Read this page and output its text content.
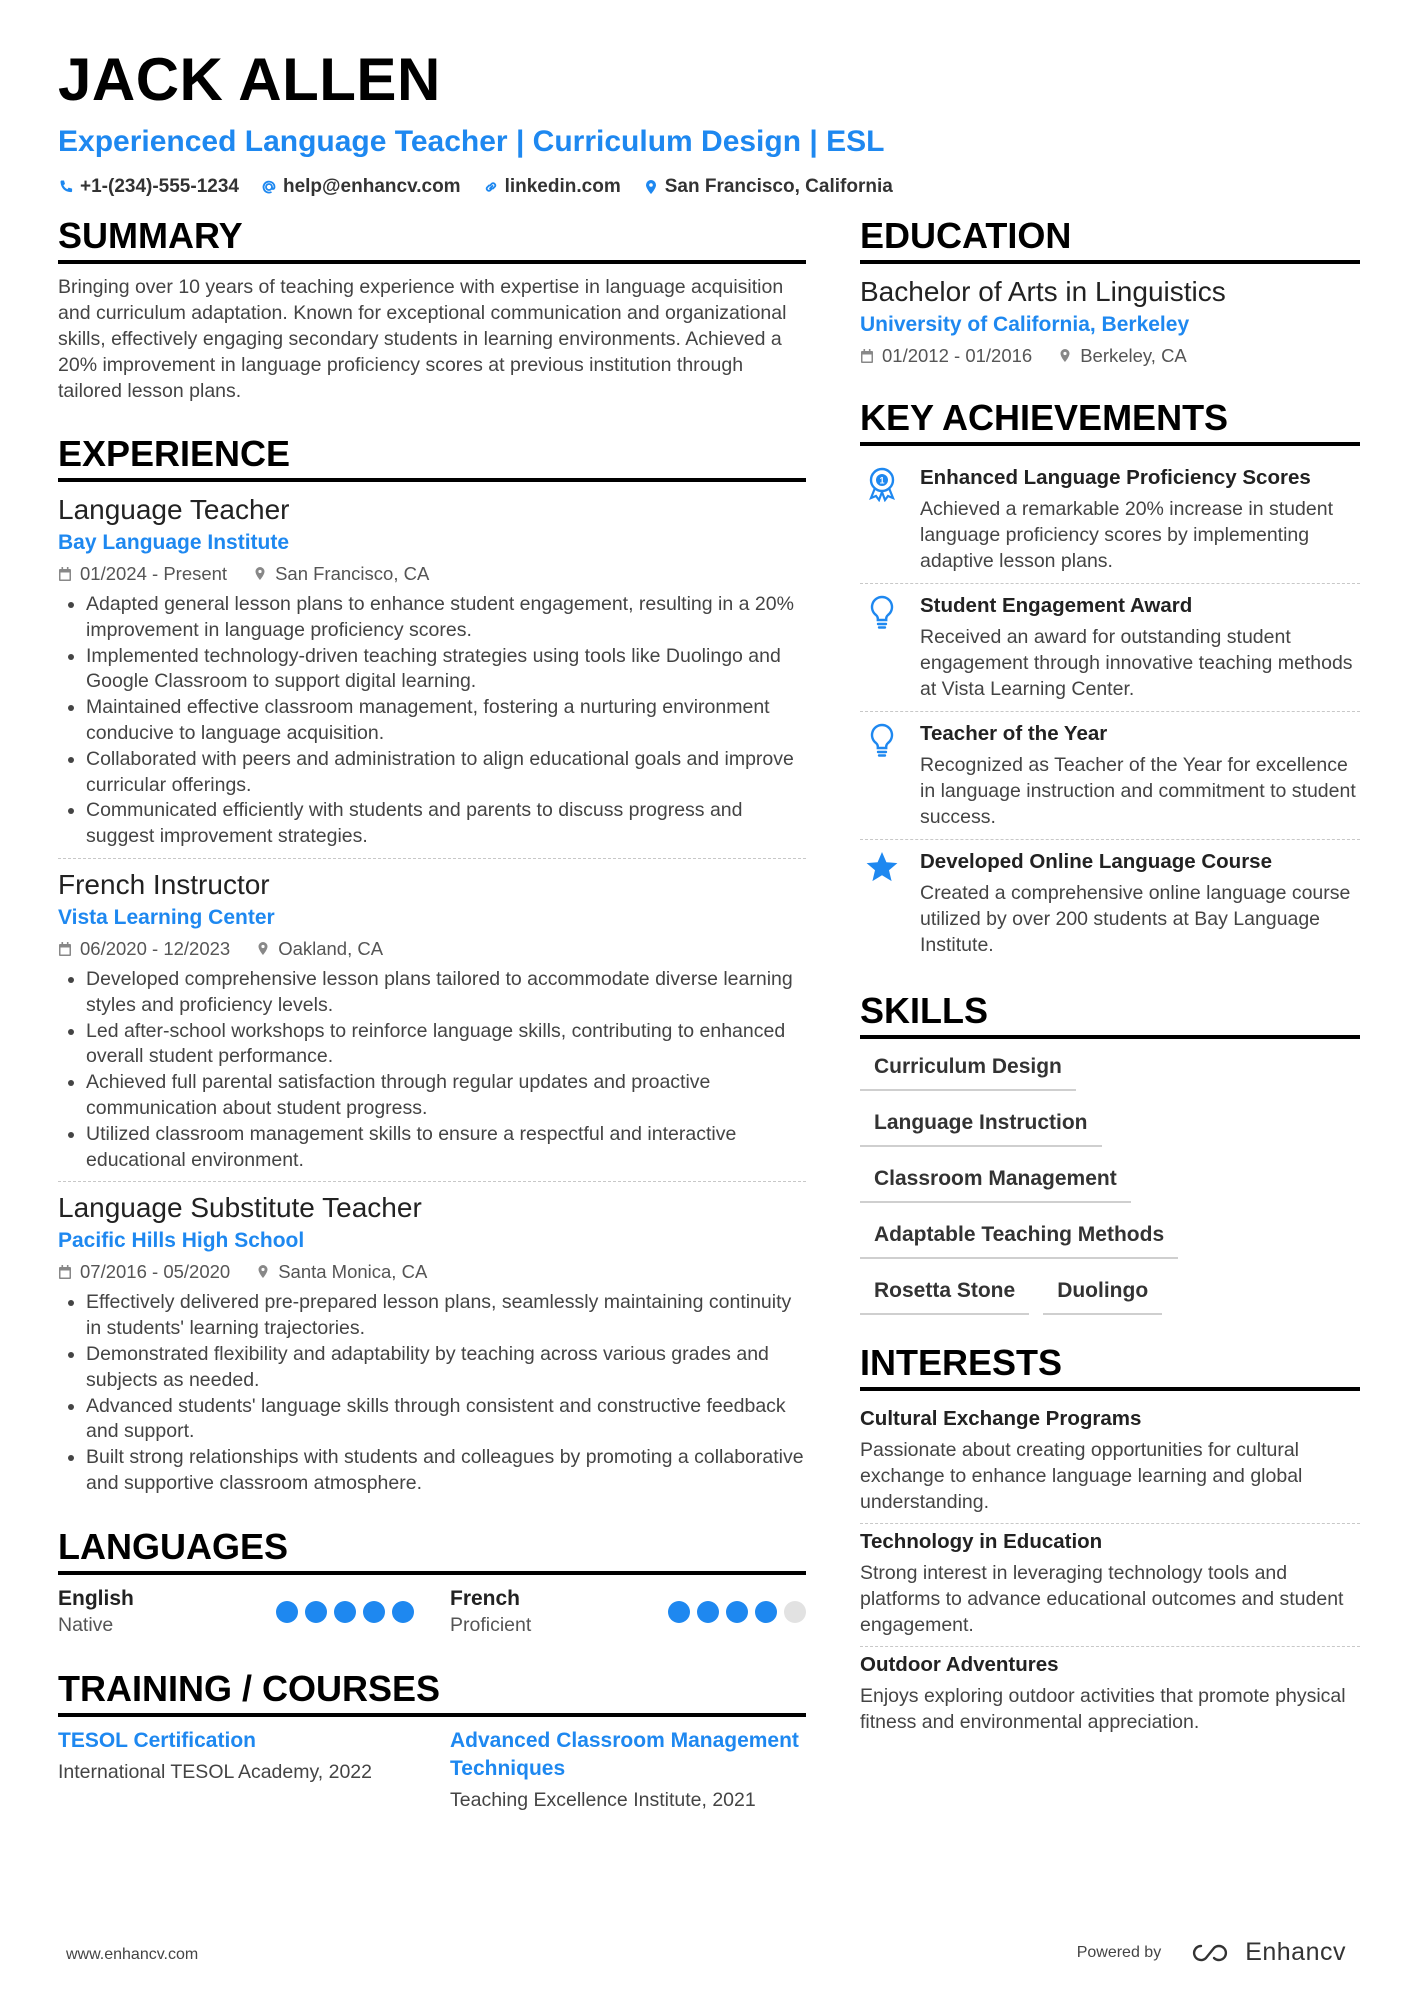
JACK ALLEN
Experienced Language Teacher | Curriculum Design | ESL
+1-(234)-555-1234 help@enhancv.com linkedin.com San Francisco, California
SUMMARY

Bringing over 10 years of teaching experience with expertise in language acquisition and curriculum adaptation. Known for exceptional communication and organizational skills, effectively engaging secondary students in learning environments. Achieved a 20% improvement in language proficiency scores at previous institution through tailored lesson plans.

EXPERIENCE
Language Teacher
Bay Language Institute
01/2024 - Present	San Francisco, CA
• Adapted general lesson plans to enhance student engagement, resulting in a 20% improvement in language proficiency scores.
• Implemented technology-driven teaching strategies using tools like Duolingo and Google Classroom to support digital learning.
• Maintained effective classroom management, fostering a nurturing environment conducive to language acquisition.
• Collaborated with peers and administration to align educational goals and improve curricular offerings.
• Communicated efficiently with students and parents to discuss progress and suggest improvement strategies.
French Instructor
Vista Learning Center
06/2020 - 12/2023	Oakland, CA
• Developed comprehensive lesson plans tailored to accommodate diverse learning styles and proficiency levels.
• Led after-school workshops to reinforce language skills, contributing to enhanced overall student performance.
• Achieved full parental satisfaction through regular updates and proactive communication about student progress.
• Utilized classroom management skills to ensure a respectful and interactive educational environment.
Language Substitute Teacher
Pacific Hills High School
07/2016 - 05/2020	Santa Monica, CA
• Effectively delivered pre-prepared lesson plans, seamlessly maintaining continuity in students' learning trajectories.
• Demonstrated flexibility and adaptability by teaching across various grades and subjects as needed.
• Advanced students' language skills through consistent and constructive feedback and support.
• Built strong relationships with students and colleagues by promoting a collaborative and supportive classroom atmosphere.
LANGUAGES
English
Native
French
Proficient
TRAINING / COURSES
TESOL Certification
International TESOL Academy, 2022
Advanced Classroom Management Techniques
Teaching Excellence Institute, 2021
EDUCATION
Bachelor of Arts in Linguistics
University of California, Berkeley
01/2012 - 01/2016	Berkeley, CA
KEY ACHIEVEMENTS
1 Enhanced Language Proficiency Scores
Achieved a remarkable 20% increase in student language proficiency scores by implementing adaptive lesson plans.
Student Engagement Award
Received an award for outstanding student engagement through innovative teaching methods at Vista Learning Center.
Teacher of the Year
Recognized as Teacher of the Year for excellence in language instruction and commitment to student success.
Developed Online Language Course
Created a comprehensive online language course utilized by over 200 students at Bay Language Institute.
SKILLS
Curriculum Design
Language Instruction
Classroom Management
Adaptable Teaching Methods
Rosetta Stone	Duolingo
INTERESTS
Cultural Exchange Programs
Passionate about creating opportunities for cultural exchange to enhance language learning and global understanding.
Technology in Education
Strong interest in leveraging technology tools and platforms to advance educational outcomes and student engagement.
Outdoor Adventures
Enjoys exploring outdoor activities that promote physical fitness and environmental appreciation.
www.enhancv.com	Powered by	Enhancv
